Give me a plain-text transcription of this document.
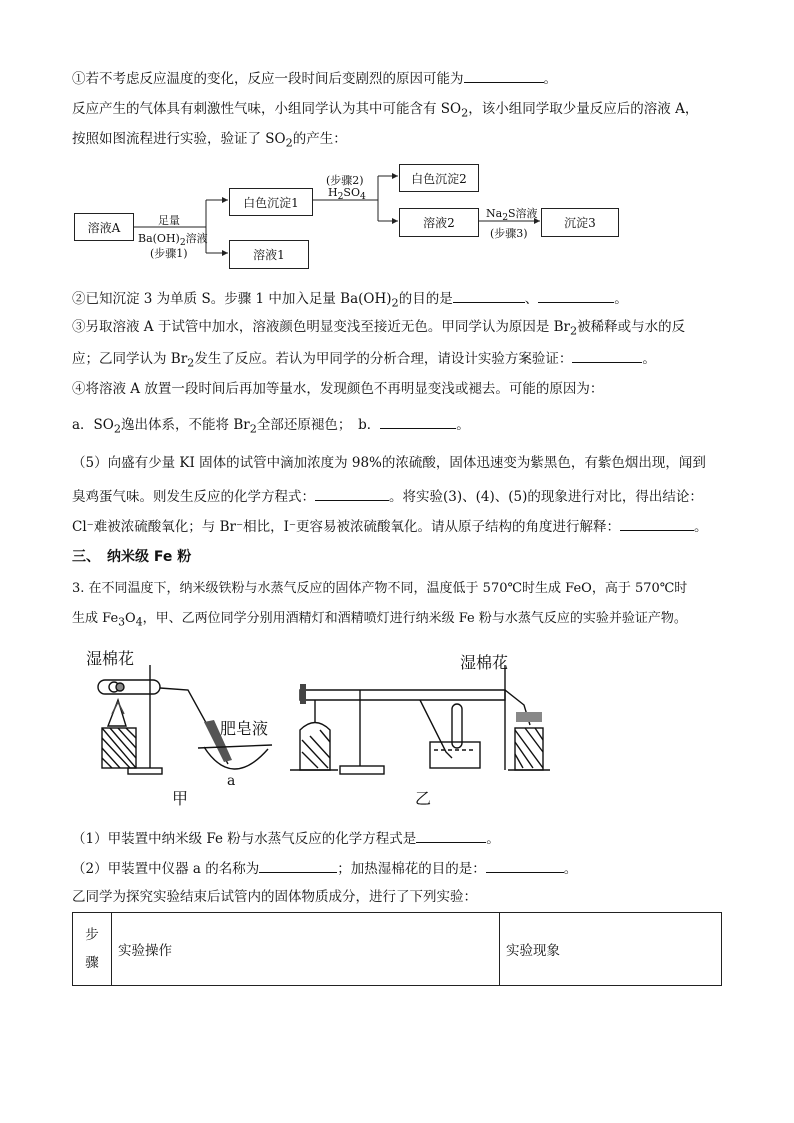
①若不考虑反应温度的变化，反应一段时间后变剧烈的原因可能为	。
反应产生的气体具有刺激性气味，小组同学认为其中可能含有 $SO_2$，该小组同学取少量反应后的溶液 A，
按照如图流程进行实验，验证了 $SO_2$的产生：
溶液A
白色沉淀1
溶液1
白色沉淀2
溶液2	沉淀3
足量
$Ba(OH)_2$溶液
(步骤1)
(步骤2)
$H_2SO_4$
$Na_2S$溶液
(步骤3)
②已知沉淀 3 为单质 S。步骤 1 中加入足量 $Ba(OH)_2$的目的是	、	。
③另取溶液 A 于试管中加水，溶液颜色明显变浅至接近无色。甲同学认为原因是 $Br_2$被稀释或与水的反
应；乙同学认为 $Br_2$发生了反应。若认为甲同学的分析合理，请设计实验方案验证：	。
④将溶液 A 放置一段时间后再加等量水，发现颜色不再明显变浅或褪去。可能的原因为：
a．$SO_2$逸出体系，不能将 $Br_2$全部还原褪色；　b．	。
（5）向盛有少量 KI 固体的试管中滴加浓度为 98%的浓硫酸，固体迅速变为紫黑色，有紫色烟出现，闻到
臭鸡蛋气味。则发生反应的化学方程式：	。将实验(3)、(4)、(5)的现象进行对比，得出结论：
Cl⁻难被浓硫酸氧化；与 Br⁻相比，I⁻更容易被浓硫酸氧化。请从原子结构的角度进行解释：	。
三、　纳米级 Fe 粉
3. 在不同温度下，纳米级铁粉与水蒸气反应的固体产物不同，温度低于 570℃时生成 FeO，高于 570℃时
生成 $Fe_3O_4$，甲、乙两位同学分别用酒精灯和酒精喷灯进行纳米级 Fe 粉与水蒸气反应的实验并验证产物。
湿棉花
肥皂液
a
甲
湿棉花
乙
（1）甲装置中纳米级 Fe 粉与水蒸气反应的化学方程式是	。
（2）甲装置中仪器 a 的名称为	；加热湿棉花的目的是：	。
乙同学为探究实验结束后试管内的固体物质成分，进行了下列实验：
步
骤	实验操作	实验现象
